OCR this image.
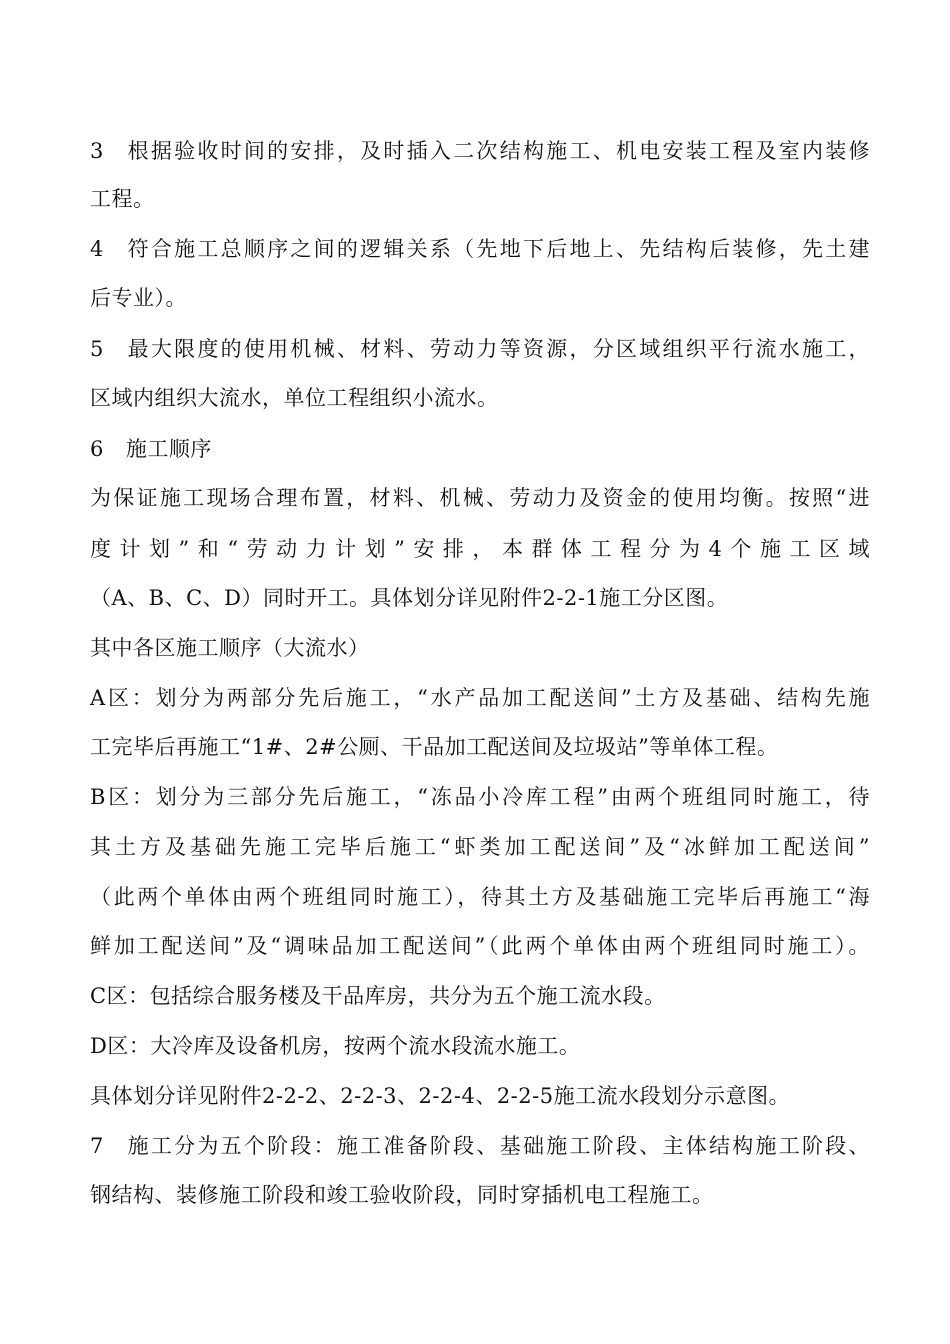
3 根据验收时间的安排，及时插入二次结构施工、机电安装工程及室内装修
工程。
4 符合施工总顺序之间的逻辑关系（先地下后地上、先结构后装修，先土建
后专业）。
5 最大限度的使用机械、材料、劳动力等资源，分区域组织平行流水施工，
区域内组织大流水，单位工程组织小流水。
6 施工顺序
为保证施工现场合理布置，材料、机械、劳动力及资金的使用均衡。按照“进
度计划”和“劳动力计划”安排，本群体工程分为4个施工区域
（A、B、C、D）同时开工。具体划分详见附件2-2-1施工分区图。
其中各区施工顺序（大流水）
A区：划分为两部分先后施工，“水产品加工配送间”土方及基础、结构先施
工完毕后再施工“1#、2#公厕、干品加工配送间及垃圾站”等单体工程。
B区：划分为三部分先后施工，“冻品小冷库工程”由两个班组同时施工，待
其土方及基础先施工完毕后施工“虾类加工配送间”及“冰鲜加工配送间”
（此两个单体由两个班组同时施工），待其土方及基础施工完毕后再施工“海
鲜加工配送间”及“调味品加工配送间”（此两个单体由两个班组同时施工）。
C区：包括综合服务楼及干品库房，共分为五个施工流水段。
D区：大冷库及设备机房，按两个流水段流水施工。
具体划分详见附件2-2-2、2-2-3、2-2-4、2-2-5施工流水段划分示意图。
7 施工分为五个阶段：施工准备阶段、基础施工阶段、主体结构施工阶段、
钢结构、装修施工阶段和竣工验收阶段，同时穿插机电工程施工。
